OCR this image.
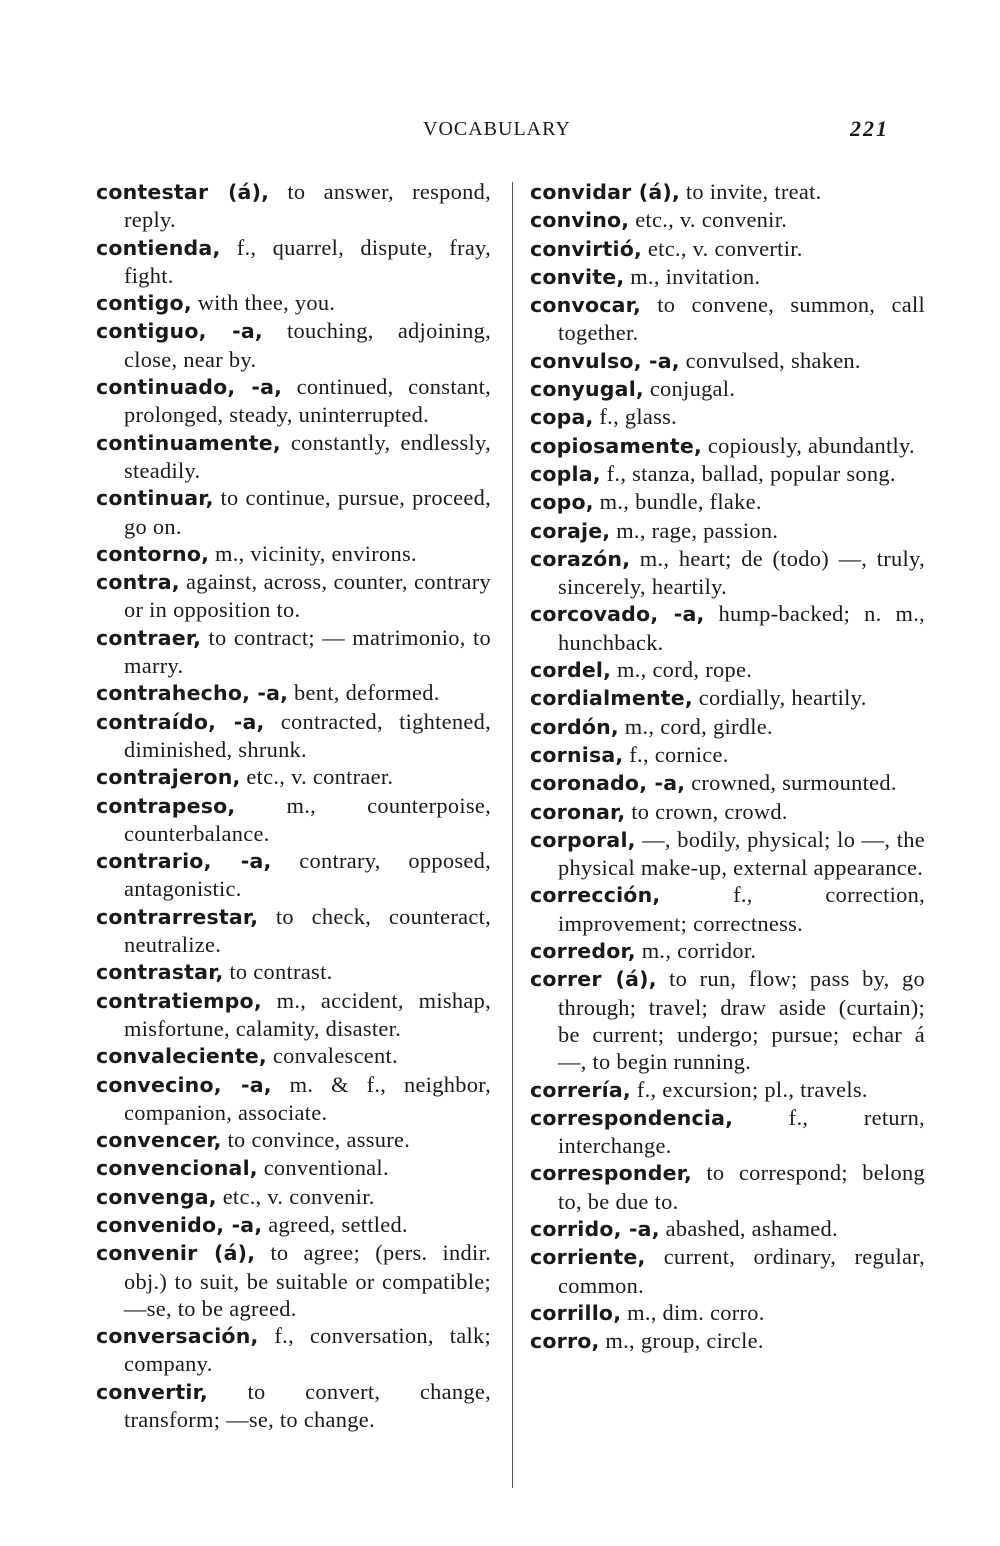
VOCABULARY	221

contestar (á), to answer, respond, reply.

contienda, f., quarrel, dispute, fray, fight.

contigo, with thee, you.

contiguo, -a, touching, adjoining, close, near by.

continuado, -a, continued, constant, prolonged, steady, uninterrupted.

continuamente, constantly, endlessly, steadily.

continuar, to continue, pursue, proceed, go on.

contorno, m., vicinity, environs.

contra, against, across, counter, contrary or in opposition to.

contraer, to contract; — matrimonio, to marry.

contrahecho, -a, bent, deformed.

contraído, -a, contracted, tightened, diminished, shrunk.

contrajeron, etc., v. contraer.

contrapeso, m., counterpoise, counterbalance.

contrario, -a, contrary, opposed, antagonistic.

contrarrestar, to check, counteract, neutralize.

contrastar, to contrast.

contratiempo, m., accident, mishap, misfortune, calamity, disaster.

convaleciente, convalescent.

convecino, -a, m. & f., neighbor, companion, associate.

convencer, to convince, assure.

convencional, conventional.

convenga, etc., v. convenir.

convenido, -a, agreed, settled.

convenir (á), to agree; (pers. indir. obj.) to suit, be suitable or compatible; —se, to be agreed.

conversación, f., conversation, talk; company.

convertir, to convert, change, transform; —se, to change.

convidar (á), to invite, treat.

convino, etc., v. convenir.

convirtió, etc., v. convertir.

convite, m., invitation.

convocar, to convene, summon, call together.

convulso, -a, convulsed, shaken.

conyugal, conjugal.

copa, f., glass.

copiosamente, copiously, abundantly.

copla, f., stanza, ballad, popular song.

copo, m., bundle, flake.

coraje, m., rage, passion.

corazón, m., heart; de (todo) —, truly, sincerely, heartily.

corcovado, -a, hump-backed; n. m., hunchback.

cordel, m., cord, rope.

cordialmente, cordially, heartily.

cordón, m., cord, girdle.

cornisa, f., cornice.

coronado, -a, crowned, surmounted.

coronar, to crown, crowd.

corporal, —, bodily, physical; lo —, the physical make-up, external appearance.

corrección, f., correction, improvement; correctness.

corredor, m., corridor.

correr (á), to run, flow; pass by, go through; travel; draw aside (curtain); be current; undergo; pursue; echar á —, to begin running.

correría, f., excursion; pl., travels.

correspondencia, f., return, interchange.

corresponder, to correspond; belong to, be due to.

corrido, -a, abashed, ashamed.

corriente, current, ordinary, regular, common.

corrillo, m., dim. corro.

corro, m., group, circle.
